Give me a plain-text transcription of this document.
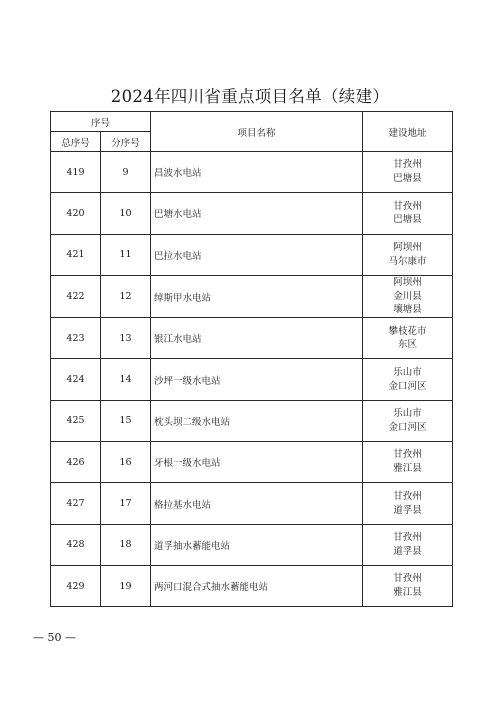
2024年四川省重点项目名单（续建）
序号		项目名称	建设地址
总序号	分序号		
419	9	昌波水电站	甘孜州
巴塘县

420	10	巴塘水电站	甘孜州
巴塘县

421	11	巴拉水电站	阿坝州
马尔康市

422	12	绰斯甲水电站	阿坝州
金川县
壤塘县

423	13	银江水电站	攀枝花市
东区

424	14	沙坪一级水电站	乐山市
金口河区

425	15	枕头坝二级水电站	乐山市
金口河区

426	16	牙根一级水电站	甘孜州
雅江县

427	17	格拉基水电站	甘孜州
道孚县

428	18	道孚抽水蓄能电站	甘孜州
道孚县

429	19	两河口混合式抽水蓄能电站	甘孜州
雅江县
— 50 —
